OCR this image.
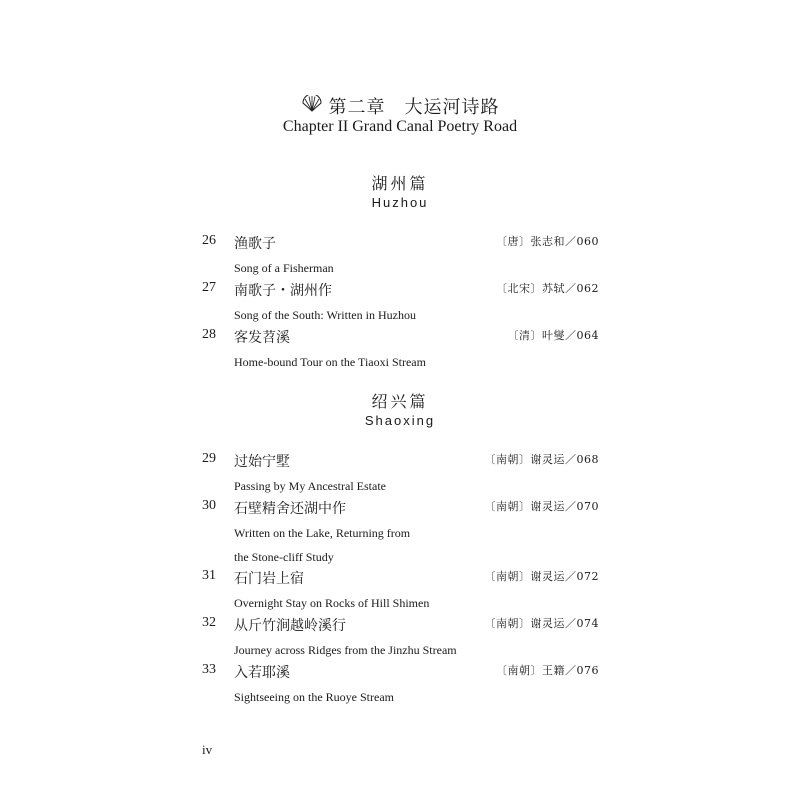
第二章　大运河诗路
Chapter II Grand Canal Poetry Road
湖州篇
Huzhou
26 渔歌子	〔唐〕张志和／060
Song of a Fisherman
27 南歌子・湖州作	〔北宋〕苏轼／062
Song of the South: Written in Huzhou
28 客发苕溪	〔清〕叶燮／064
Home-bound Tour on the Tiaoxi Stream
绍兴篇
Shaoxing
29 过始宁墅	〔南朝〕谢灵运／068
Passing by My Ancestral Estate
30 石壁精舍还湖中作	〔南朝〕谢灵运／070
Written on the Lake, Returning from
the Stone-cliff Study
31 石门岩上宿	〔南朝〕谢灵运／072
Overnight Stay on Rocks of Hill Shimen
32 从斤竹涧越岭溪行	〔南朝〕谢灵运／074
Journey across Ridges from the Jinzhu Stream
33 入若耶溪	〔南朝〕王籍／076
Sightseeing on the Ruoye Stream
iv
